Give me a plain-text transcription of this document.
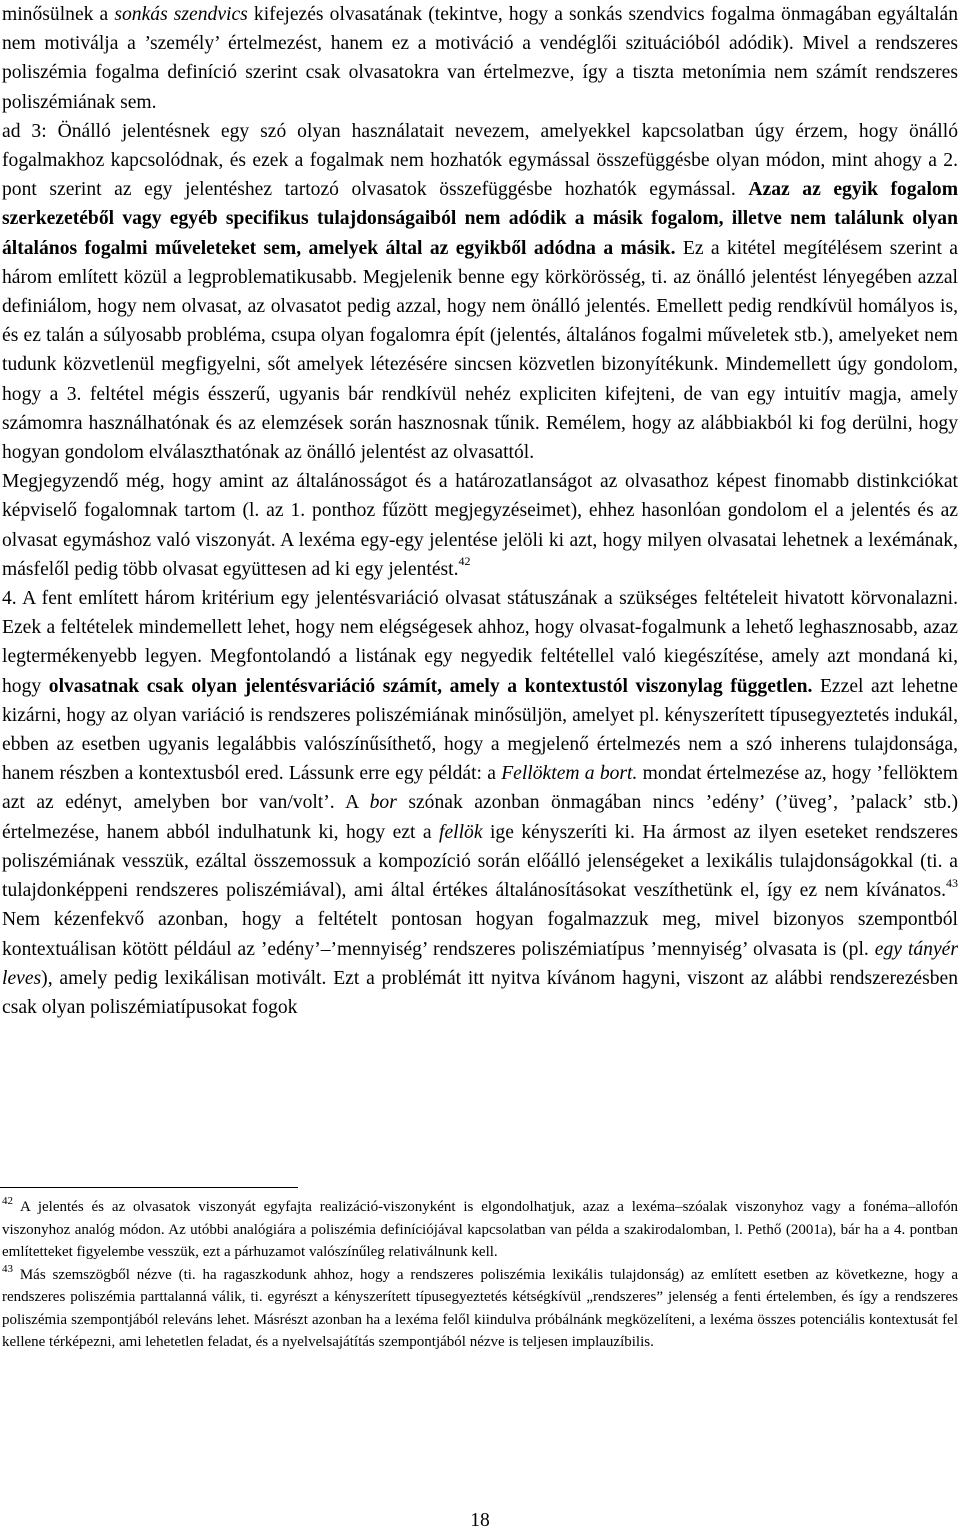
minősülnek a sonkás szendvics kifejezés olvasatának (tekintve, hogy a sonkás szendvics fogalma önmagában egyáltalán nem motiválja a ’személy’ értelmezést, hanem ez a motiváció a vendéglői szituációból adódik). Mivel a rendszeres poliszémia fogalma definíció szerint csak olvasatokra van értelmezve, így a tiszta metonímia nem számít rendszeres poliszémiának sem.

ad 3: Önálló jelentésnek egy szó olyan használatait nevezem, amelyekkel kapcsolatban úgy érzem, hogy önálló fogalmakhoz kapcsolódnak, és ezek a fogalmak nem hozhatók egymással összefüggésbe olyan módon, mint ahogy a 2. pont szerint az egy jelentéshez tartozó olvasatok összefüggésbe hozhatók egymással. Azaz az egyik fogalom szerkezetéből vagy egyéb specifikus tulajdonságaiból nem adódik a másik fogalom, illetve nem találunk olyan általános fogalmi műveleteket sem, amelyek által az egyikből adódna a másik. Ez a kitétel megítélésem szerint a három említett közül a legproblematikusabb. Megjelenik benne egy körkörösség, ti. az önálló jelentést lényegében azzal definiálom, hogy nem olvasat, az olvasatot pedig azzal, hogy nem önálló jelentés. Emellett pedig rendkívül homályos is, és ez talán a súlyosabb probléma, csupa olyan fogalomra épít (jelentés, általános fogalmi műveletek stb.), amelyeket nem tudunk közvetlenül megfigyelni, sőt amelyek létezésére sincsen közvetlen bizonyítékunk. Mindemellett úgy gondolom, hogy a 3. feltétel mégis ésszerű, ugyanis bár rendkívül nehéz expliciten kifejteni, de van egy intuitív magja, amely számomra használhatónak és az elemzések során hasznosnak tűnik. Remélem, hogy az alábbiakból ki fog derülni, hogy hogyan gondolom elválaszthatónak az önálló jelentést az olvasattól.

Megjegyzendő még, hogy amint az általánosságot és a határozatlanságot az olvasathoz képest finomabb distinkciókat képviselő fogalomnak tartom (l. az 1. ponthoz fűzött megjegyzéseimet), ehhez hasonlóan gondolom el a jelentés és az olvasat egymáshoz való viszonyát. A lexéma egy-egy jelentése jelöli ki azt, hogy milyen olvasatai lehetnek a lexémának, másfelől pedig több olvasat együttesen ad ki egy jelentést.$^{42}$

4. A fent említett három kritérium egy jelentésvariáció olvasat státuszának a szükséges feltételeit hivatott körvonalazni. Ezek a feltételek mindemellett lehet, hogy nem elégségesek ahhoz, hogy olvasat-fogalmunk a lehető leghasznosabb, azaz legtermékenyebb legyen. Megfontolandó a listának egy negyedik feltétellel való kiegészítése, amely azt mondaná ki, hogy olvasatnak csak olyan jelentésvariáció számít, amely a kontextustól viszonylag független. Ezzel azt lehetne kizárni, hogy az olyan variáció is rendszeres poliszémiának minősüljön, amelyet pl. kényszerített típusegyeztetés indukál, ebben az esetben ugyanis legalábbis valószínűsíthető, hogy a megjelenő értelmezés nem a szó inherens tulajdonsága, hanem részben a kontextusból ered. Lássunk erre egy példát: a Fellöktem a bort. mondat értelmezése az, hogy ’fellöktem azt az edényt, amelyben bor van/volt’. A bor szónak azonban önmagában nincs ’edény’ (’üveg’, ’palack’ stb.) értelmezése, hanem abból indulhatunk ki, hogy ezt a fellök ige kényszeríti ki. Ha ármost az ilyen eseteket rendszeres poliszémiának vesszük, ezáltal összemossuk a kompozíció során előálló jelenségeket a lexikális tulajdonságokkal (ti. a tulajdonképpeni rendszeres poliszémiával), ami által értékes általánosításokat veszíthetünk el, így ez nem kívánatos.$^{43}$ Nem kézenfekvő azonban, hogy a feltételt pontosan hogyan fogalmazzuk meg, mivel bizonyos szempontból kontextuálisan kötött például az ’edény’–’mennyiség’ rendszeres poliszémiatípus ’mennyiség’ olvasata is (pl. egy tányér leves), amely pedig lexikálisan motivált. Ezt a problémát itt nyitva kívánom hagyni, viszont az alábbi rendszerezésben csak olyan poliszémiatípusokat fogok

$^{42}$ A jelentés és az olvasatok viszonyát egyfajta realizáció-viszonyként is elgondolhatjuk, azaz a lexéma–szóalak viszonyhoz vagy a fonéma–allofón viszonyhoz analóg módon. Az utóbbi analógiára a poliszémia definíciójával kapcsolatban van példa a szakirodalomban, l. Pethő (2001a), bár ha a 4. pontban említetteket figyelembe vesszük, ezt a párhuzamot valószínűleg relativálnunk kell.

$^{43}$ Más szemszögből nézve (ti. ha ragaszkodunk ahhoz, hogy a rendszeres poliszémia lexikális tulajdonság) az említett esetben az következne, hogy a rendszeres poliszémia parttalanná válik, ti. egyrészt a kényszerített típusegyeztetés kétségkívül „rendszeres” jelenség a fenti értelemben, és így a rendszeres poliszémia szempontjából releváns lehet. Másrészt azonban ha a lexéma felől kiindulva próbálnánk megközelíteni, a lexéma összes potenciális kontextusát fel kellene térképezni, ami lehetetlen feladat, és a nyelvelsajátítás szempontjából nézve is teljesen implauzíbilis.

18
